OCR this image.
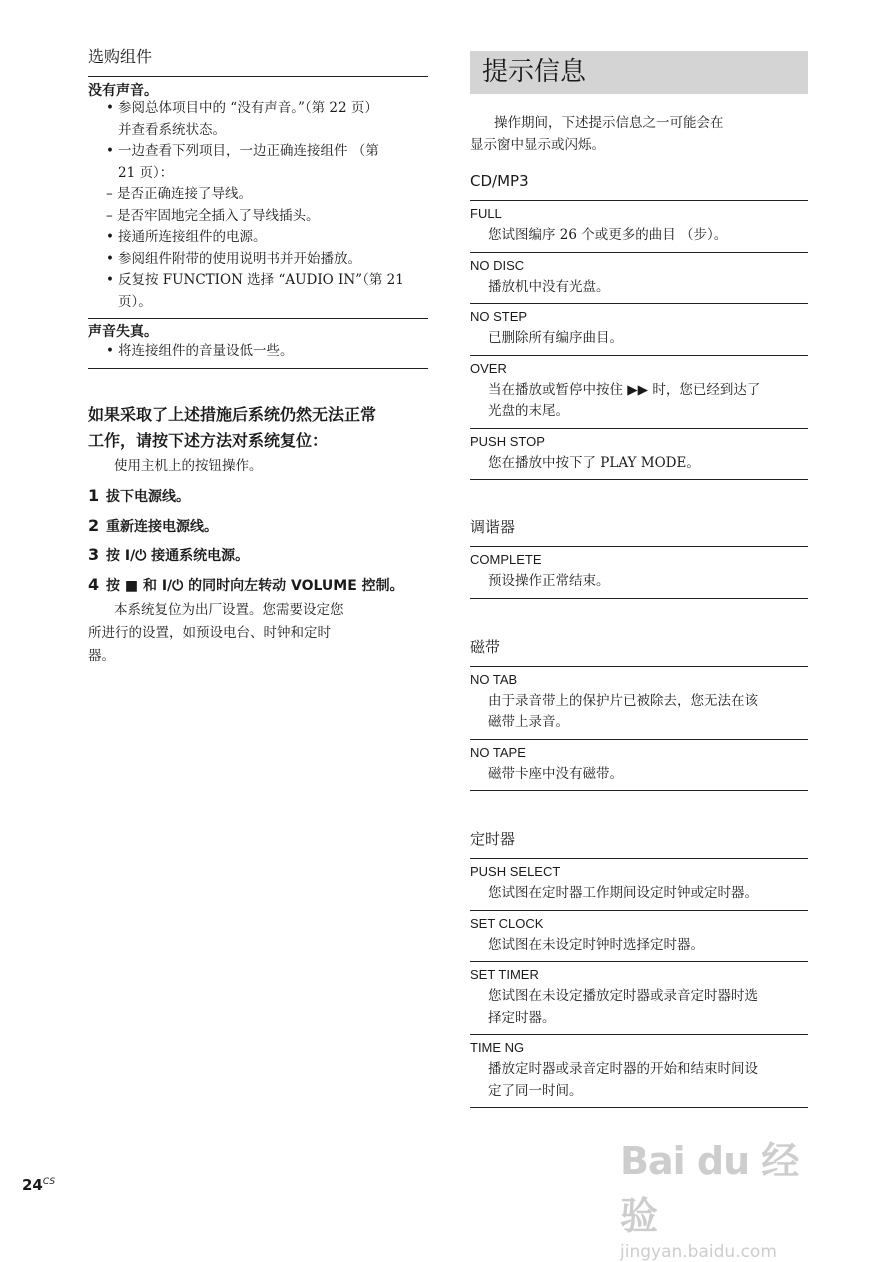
选购组件
没有声音。
• 参阅总体项目中的 “没有声音。”（第 22 页）
并查看系统状态。
• 一边查看下列项目，一边正确连接组件 （第
21 页）：
– 是否正确连接了导线。
– 是否牢固地完全插入了导线插头。
• 接通所连接组件的电源。
• 参阅组件附带的使用说明书并开始播放。
• 反复按 FUNCTION 选择 “AUDIO IN”（第 21
页）。
声音失真。
• 将连接组件的音量设低一些。
如果采取了上述措施后系统仍然无法正常
工作，请按下述方法对系统复位：
使用主机上的按钮操作。
1 拔下电源线。
2 重新连接电源线。
3 按 I/⏻ 接通系统电源。
4 按 ■ 和 I/⏻ 的同时向左转动 VOLUME 控制。
本系统复位为出厂设置。您需要设定您
所进行的设置，如预设电台、时钟和定时
器。
提示信息
操作期间，下述提示信息之一可能会在
显示窗中显示或闪烁。
CD/MP3
FULL
您试图编序 26 个或更多的曲目 （步）。
NO DISC
播放机中没有光盘。
NO STEP
已删除所有编序曲目。
OVER
当在播放或暂停中按住 ▶▶ 时，您已经到达了
光盘的末尾。
PUSH STOP
您在播放中按下了 PLAY MODE。
调谐器
COMPLETE
预设操作正常结束。
磁带
NO TAB
由于录音带上的保护片已被除去，您无法在该
磁带上录音。
NO TAPE
磁带卡座中没有磁带。
定时器
PUSH SELECT
您试图在定时器工作期间设定时钟或定时器。
SET CLOCK
您试图在未设定时钟时选择定时器。
SET TIMER
您试图在未设定播放定时器或录音定时器时选
择定时器。
TIME NG
播放定时器或录音定时器的开始和结束时间设
定了同一时间。
$24^{CS}$	Bai du 经验
jingyan.baidu.com
